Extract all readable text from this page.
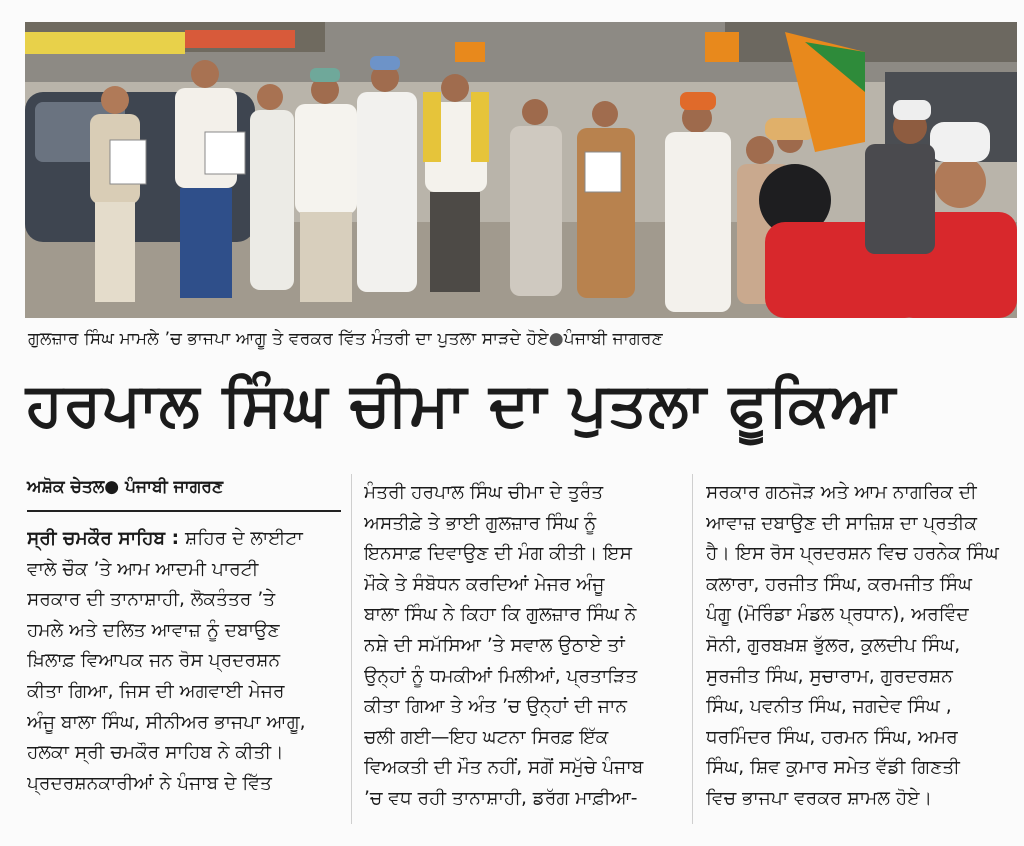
ਗੁਲਜ਼ਾਰ ਸਿੰਘ ਮਾਮਲੇ ’ਚ ਭਾਜਪਾ ਆਗੂ ਤੇ ਵਰਕਰ ਵਿੱਤ ਮੰਤਰੀ ਦਾ ਪੁਤਲਾ ਸਾੜਦੇ ਹੋਏ●ਪੰਜਾਬੀ ਜਾਗਰਣ
ਹਰਪਾਲ ਸਿੰਘ ਚੀਮਾ ਦਾ ਪੁਤਲਾ ਫੂਕਿਆ
ਅਸ਼ੋਕ ਚੇਤਲ● ਪੰਜਾਬੀ ਜਾਗਰਣ
ਸ੍ਰੀ ਚਮਕੌਰ ਸਾਹਿਬ : ਸ਼ਹਿਰ ਦੇ ਲਾਈਟਾ
ਵਾਲੇ ਚੌਕ ’ਤੇ ਆਮ ਆਦਮੀ ਪਾਰਟੀ
ਸਰਕਾਰ ਦੀ ਤਾਨਾਸ਼ਾਹੀ, ਲੋਕਤੰਤਰ ’ਤੇ
ਹਮਲੇ ਅਤੇ ਦਲਿਤ ਆਵਾਜ਼ ਨੂੰ ਦਬਾਉਣ
ਖ਼ਿਲਾਫ਼ ਵਿਆਪਕ ਜਨ ਰੋਸ ਪ੍ਰਦਰਸ਼ਨ
ਕੀਤਾ ਗਿਆ, ਜਿਸ ਦੀ ਅਗਵਾਈ ਮੇਜਰ
ਅੰਜੂ ਬਾਲਾ ਸਿੰਘ, ਸੀਨੀਅਰ ਭਾਜਪਾ ਆਗੂ,
ਹਲਕਾ ਸ੍ਰੀ ਚਮਕੌਰ ਸਾਹਿਬ ਨੇ ਕੀਤੀ।
ਪ੍ਰਦਰਸ਼ਨਕਾਰੀਆਂ ਨੇ ਪੰਜਾਬ ਦੇ ਵਿੱਤ
ਮੰਤਰੀ ਹਰਪਾਲ ਸਿੰਘ ਚੀਮਾ ਦੇ ਤੁਰੰਤ
ਅਸਤੀਫ਼ੇ ਤੇ ਭਾਈ ਗੁਲਜ਼ਾਰ ਸਿੰਘ ਨੂੰ
ਇਨਸਾਫ਼ ਦਿਵਾਉਣ ਦੀ ਮੰਗ ਕੀਤੀ। ਇਸ
ਮੌਕੇ ਤੇ ਸੰਬੋਧਨ ਕਰਦਿਆਂ ਮੇਜਰ ਅੰਜੂ
ਬਾਲਾ ਸਿੰਘ ਨੇ ਕਿਹਾ ਕਿ ਗੁਲਜ਼ਾਰ ਸਿੰਘ ਨੇ
ਨਸ਼ੇ ਦੀ ਸਮੱਸਿਆ ’ਤੇ ਸਵਾਲ ਉਠਾਏ ਤਾਂ
ਉਨ੍ਹਾਂ ਨੂੰ ਧਮਕੀਆਂ ਮਿਲੀਆਂ, ਪ੍ਰਤਾੜਿਤ
ਕੀਤਾ ਗਿਆ ਤੇ ਅੰਤ ’ਚ ਉਨ੍ਹਾਂ ਦੀ ਜਾਨ
ਚਲੀ ਗਈ—ਇਹ ਘਟਨਾ ਸਿਰਫ਼ ਇੱਕ
ਵਿਅਕਤੀ ਦੀ ਮੌਤ ਨਹੀਂ, ਸਗੋਂ ਸਮੁੱਚੇ ਪੰਜਾਬ
’ਚ ਵਧ ਰਹੀ ਤਾਨਾਸ਼ਾਹੀ, ਡਰੱਗ ਮਾਫ਼ੀਆ-
ਸਰਕਾਰ ਗਠਜੋੜ ਅਤੇ ਆਮ ਨਾਗਰਿਕ ਦੀ
ਆਵਾਜ਼ ਦਬਾਉਣ ਦੀ ਸਾਜ਼ਿਸ਼ ਦਾ ਪ੍ਰਤੀਕ
ਹੈ। ਇਸ ਰੋਸ ਪ੍ਰਦਰਸ਼ਨ ਵਿਚ ਹਰਨੇਕ ਸਿੰਘ
ਕਲਾਰਾ, ਹਰਜੀਤ ਸਿੰਘ, ਕਰਮਜੀਤ ਸਿੰਘ
ਪੰਗੂ (ਮੋਰਿੰਡਾ ਮੰਡਲ ਪ੍ਰਧਾਨ), ਅਰਵਿੰਦ
ਸੋਨੀ, ਗੁਰਬਖ਼ਸ਼ ਭੁੱਲਰ, ਕੁਲਦੀਪ ਸਿੰਘ,
ਸੁਰਜੀਤ ਸਿੰਘ, ਸੁਚਾਰਾਮ, ਗੁਰਦਰਸ਼ਨ
ਸਿੰਘ, ਪਵਨੀਤ ਸਿੰਘ, ਜਗਦੇਵ ਸਿੰਘ ,
ਧਰਮਿੰਦਰ ਸਿੰਘ, ਹਰਮਨ ਸਿੰਘ, ਅਮਰ
ਸਿੰਘ, ਸ਼ਿਵ ਕੁਮਾਰ ਸਮੇਤ ਵੱਡੀ ਗਿਣਤੀ
ਵਿਚ ਭਾਜਪਾ ਵਰਕਰ ਸ਼ਾਮਲ ਹੋਏ।
